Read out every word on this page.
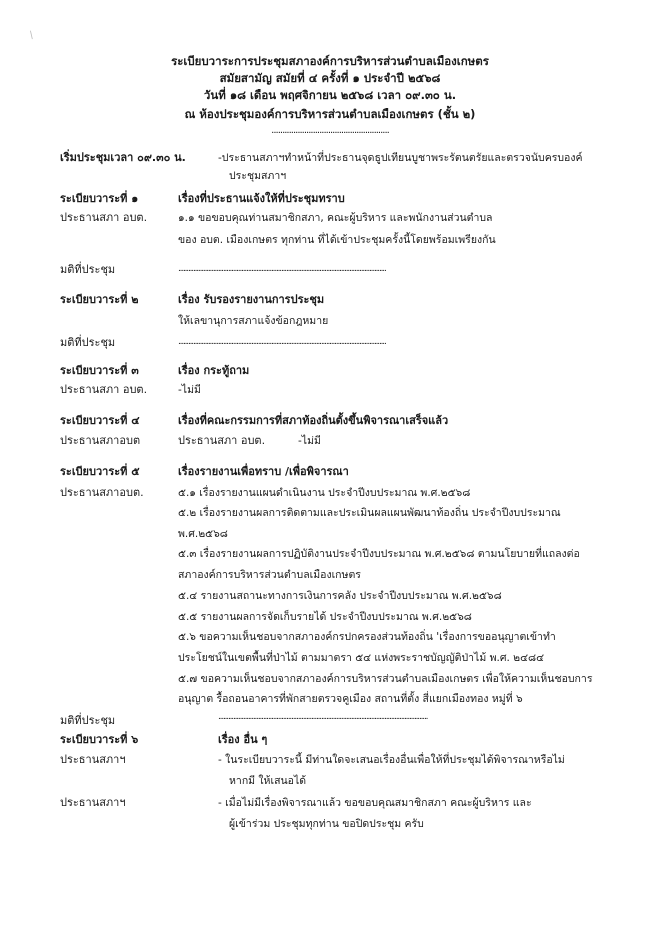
/
ระเบียบวาระการประชุมสภาองค์การบริหารส่วนตำบลเมืองเกษตร
สมัยสามัญ สมัยที่ ๔ ครั้งที่ ๑ ประจำปี ๒๕๖๘
วันที่ ๑๘ เดือน พฤศจิกายน ๒๕๖๘ เวลา ๐๙.๓๐ น.
ณ ห้องประชุมองค์การบริหารส่วนตำบลเมืองเกษตร (ชั้น ๒)
......................................................
เริ่มประชุมเวลา ๐๙.๓๐ น.	-ประธานสภาฯทำหน้าที่ประธานจุดธูปเทียนบูชาพระรัตนตรัยและตรวจนับครบองค์
ประชุมสภาฯ
ระเบียบวาระที่ ๑	เรื่องที่ประธานแจ้งให้ที่ประชุมทราบ
ประธานสภา อบต.	๑.๑ ขอขอบคุณท่านสมาชิกสภา, คณะผู้บริหาร และพนักงานส่วนตำบล
ของ อบต. เมืองเกษตร ทุกท่าน ที่ได้เข้าประชุมครั้งนี้โดยพร้อมเพรียงกัน
มติที่ประชุม	.............................................................................................................................
ระเบียบวาระที่ ๒	เรื่อง รับรองรายงานการประชุม
ให้เลขานุการสภาแจ้งข้อกฎหมาย
มติที่ประชุม	.............................................................................................................................
ระเบียบวาระที่ ๓	เรื่อง กระทู้ถาม
ประธานสภา อบต.	-ไม่มี
ระเบียบวาระที่ ๔	เรื่องที่คณะกรรมการที่สภาท้องถิ่นตั้งขึ้นพิจารณาเสร็จแล้ว
ประธานสภาอบต	ประธานสภา อบต.	-ไม่มี
ระเบียบวาระที่ ๕	เรื่องรายงานเพื่อทราบ /เพื่อพิจารณา
ประธานสภาอบต.	๕.๑ เรื่องรายงานแผนดำเนินงาน ประจำปีงบประมาณ พ.ศ.๒๕๖๘
๕.๒ เรื่องรายงานผลการติดตามและประเมินผลแผนพัฒนาท้องถิ่น ประจำปีงบประมาณ
พ.ศ.๒๕๖๘
๕.๓ เรื่องรายงานผลการปฏิบัติงานประจำปีงบประมาณ พ.ศ.๒๕๖๘ ตามนโยบายที่แถลงต่อ
สภาองค์การบริหารส่วนตำบลเมืองเกษตร
๕.๔ รายงานสถานะทางการเงินการคลัง ประจำปีงบประมาณ พ.ศ.๒๕๖๘
๕.๕ รายงานผลการจัดเก็บรายได้ ประจำปีงบประมาณ พ.ศ.๒๕๖๘
๕.๖ ขอความเห็นชอบจากสภาองค์กรปกครองส่วนท้องถิ่น 'เรื่องการขออนุญาตเข้าทำ
ประโยชน์ในเขตพื้นที่ป่าไม้ ตามมาตรา ๕๔ แห่งพระราชบัญญัติป่าไม้ พ.ศ. ๒๔๘๔
๕.๗ ขอความเห็นชอบจากสภาองค์การบริหารส่วนตำบลเมืองเกษตร เพื่อให้ความเห็นชอบการ
อนุญาต รื้อถอนอาคารที่พักสายตรวจคูเมือง สถานที่ตั้ง สี่แยกเมืองทอง หมู่ที่ ๖
มติที่ประชุม	..............................................................................................................................
ระเบียบวาระที่ ๖	เรื่อง อื่น ๆ
ประธานสภาฯ	- ในระเบียบวาระนี้ มีท่านใดจะเสนอเรื่องอื่นเพื่อให้ที่ประชุมได้พิจารณาหรือไม่
หากมี ให้เสนอได้
ประธานสภาฯ	- เมื่อไม่มีเรื่องพิจารณาแล้ว ขอขอบคุณสมาชิกสภา คณะผู้บริหาร และ
ผู้เข้าร่วม ประชุมทุกท่าน ขอปิดประชุม ครับ
